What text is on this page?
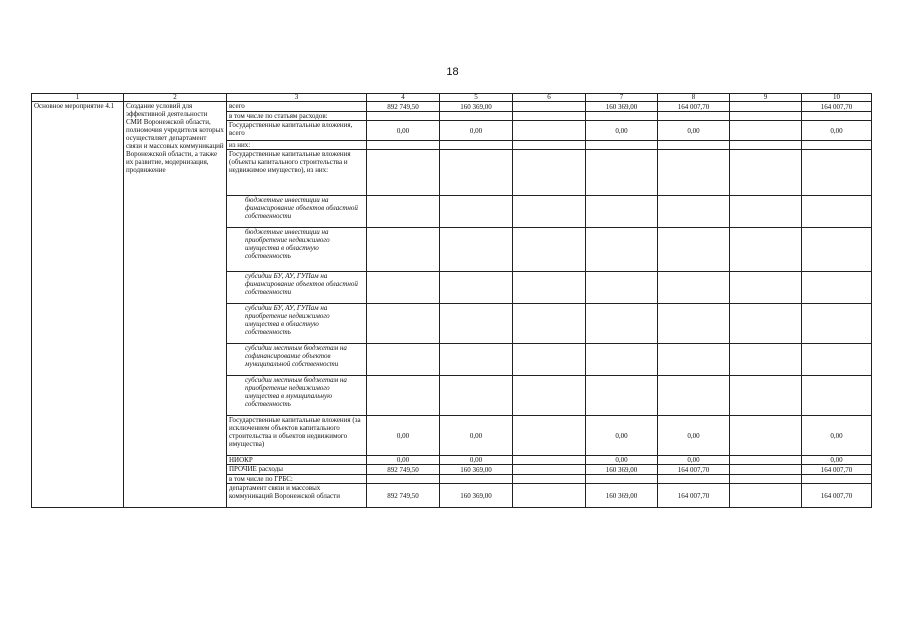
18
1	2	3	4	5	6	7	8	9	10
Основное мероприятие 4.1	Создание условий для эффективной деятельности СМИ Воронежской области, полномочия учредителя которых осуществляет департамент связи и массовых коммуникаций Воронежской области, а также их развитие, модернизация, продвижение	всего	892 749,50	160 369,00		160 369,00	164 007,70		164 007,70
		в том числе по статьям расходов:							
		Государственные капитальные вложения, всего	0,00	0,00		0,00	0,00		0,00
		из них:							
		Государственные капитальные вложения (объекты капитального строительства и недвижимое имущество), из них:							
		бюджетные инвестиции на финансирование объектов областной собственности							
		бюджетные инвестиции на приобретение недвижимого имущества в областную собственность							
		субсидии БУ, АУ, ГУПам на финансирование объектов областной собственности							
		субсидии БУ, АУ, ГУПам на приобретение недвижимого имущества в областную собственность							
		субсидии местным бюджетам на софинансирование объектов муниципальной собственности							
		субсидии местным бюджетам на приобретение недвижимого имущества в муниципальную собственность							
		Государственные капитальные вложения (за исключением объектов капитального строительства и объектов недвижимого имущества)	0,00	0,00		0,00	0,00		0,00
		НИОКР	0,00	0,00		0,00	0,00		0,00
		ПРОЧИЕ расходы	892 749,50	160 369,00		160 369,00	164 007,70		164 007,70
		в том числе по ГРБС:							
		департамент связи и массовых коммуникаций Воронежской области	892 749,50	160 369,00		160 369,00	164 007,70		164 007,70
